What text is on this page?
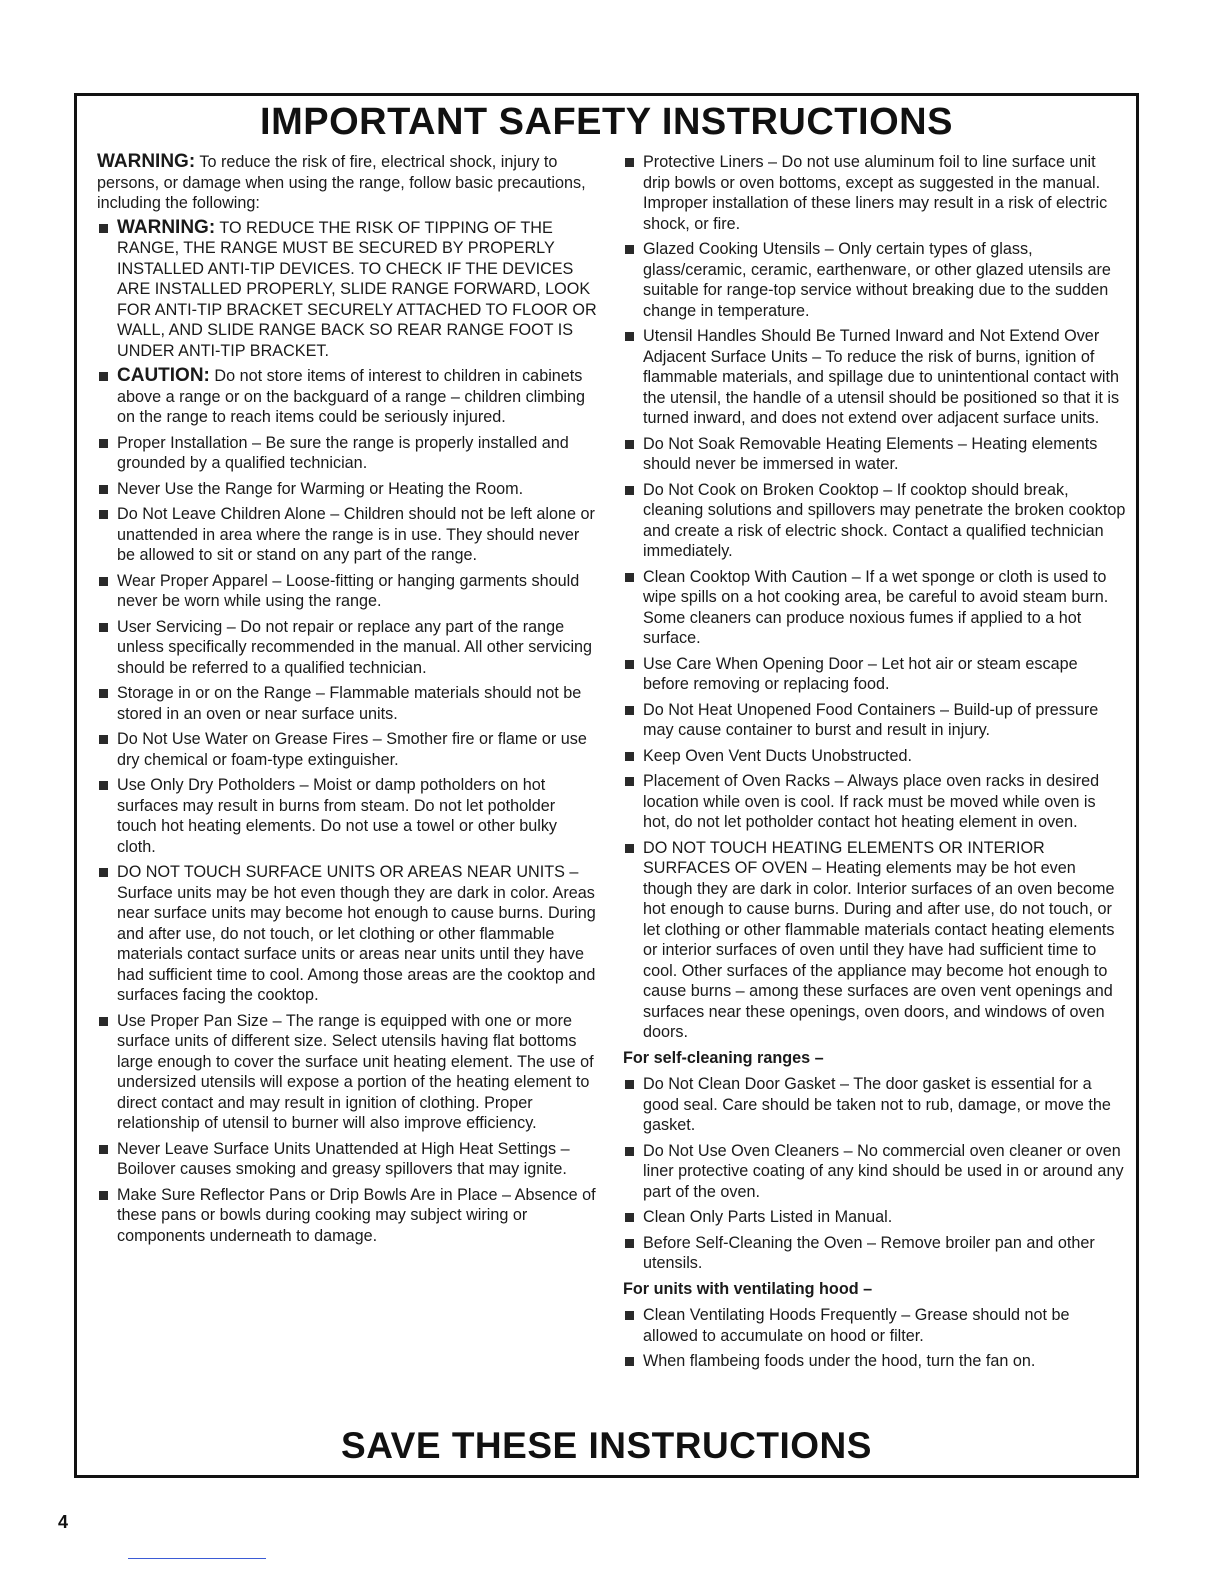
IMPORTANT SAFETY INSTRUCTIONS

WARNING: To reduce the risk of fire, electrical shock, injury to persons, or damage when using the range, follow basic precautions, including the following:

WARNING: TO REDUCE THE RISK OF TIPPING OF THE RANGE, THE RANGE MUST BE SECURED BY PROPERLY INSTALLED ANTI-TIP DEVICES. TO CHECK IF THE DEVICES ARE INSTALLED PROPERLY, SLIDE RANGE FORWARD, LOOK FOR ANTI-TIP BRACKET SECURELY ATTACHED TO FLOOR OR WALL, AND SLIDE RANGE BACK SO REAR RANGE FOOT IS UNDER ANTI-TIP BRACKET.
CAUTION: Do not store items of interest to children in cabinets above a range or on the backguard of a range – children climbing on the range to reach items could be seriously injured.
Proper Installation – Be sure the range is properly installed and grounded by a qualified technician.
Never Use the Range for Warming or Heating the Room.
Do Not Leave Children Alone – Children should not be left alone or unattended in area where the range is in use. They should never be allowed to sit or stand on any part of the range.
Wear Proper Apparel – Loose-fitting or hanging garments should never be worn while using the range.
User Servicing – Do not repair or replace any part of the range unless specifically recommended in the manual. All other servicing should be referred to a qualified technician.
Storage in or on the Range – Flammable materials should not be stored in an oven or near surface units.
Do Not Use Water on Grease Fires – Smother fire or flame or use dry chemical or foam-type extinguisher.
Use Only Dry Potholders – Moist or damp potholders on hot surfaces may result in burns from steam. Do not let potholder touch hot heating elements. Do not use a towel or other bulky cloth.
DO NOT TOUCH SURFACE UNITS OR AREAS NEAR UNITS – Surface units may be hot even though they are dark in color. Areas near surface units may become hot enough to cause burns. During and after use, do not touch, or let clothing or other flammable materials contact surface units or areas near units until they have had sufficient time to cool. Among those areas are the cooktop and surfaces facing the cooktop.
Use Proper Pan Size – The range is equipped with one or more surface units of different size. Select utensils having flat bottoms large enough to cover the surface unit heating element. The use of undersized utensils will expose a portion of the heating element to direct contact and may result in ignition of clothing. Proper relationship of utensil to burner will also improve efficiency.
Never Leave Surface Units Unattended at High Heat Settings – Boilover causes smoking and greasy spillovers that may ignite.
Make Sure Reflector Pans or Drip Bowls Are in Place – Absence of these pans or bowls during cooking may subject wiring or components underneath to damage.
Protective Liners – Do not use aluminum foil to line surface unit drip bowls or oven bottoms, except as suggested in the manual. Improper installation of these liners may result in a risk of electric shock, or fire.
Glazed Cooking Utensils – Only certain types of glass, glass/ceramic, ceramic, earthenware, or other glazed utensils are suitable for range-top service without breaking due to the sudden change in temperature.
Utensil Handles Should Be Turned Inward and Not Extend Over Adjacent Surface Units – To reduce the risk of burns, ignition of flammable materials, and spillage due to unintentional contact with the utensil, the handle of a utensil should be positioned so that it is turned inward, and does not extend over adjacent surface units.
Do Not Soak Removable Heating Elements – Heating elements should never be immersed in water.
Do Not Cook on Broken Cooktop – If cooktop should break, cleaning solutions and spillovers may penetrate the broken cooktop and create a risk of electric shock. Contact a qualified technician immediately.
Clean Cooktop With Caution – If a wet sponge or cloth is used to wipe spills on a hot cooking area, be careful to avoid steam burn. Some cleaners can produce noxious fumes if applied to a hot surface.
Use Care When Opening Door – Let hot air or steam escape before removing or replacing food.
Do Not Heat Unopened Food Containers – Build-up of pressure may cause container to burst and result in injury.
Keep Oven Vent Ducts Unobstructed.
Placement of Oven Racks – Always place oven racks in desired location while oven is cool. If rack must be moved while oven is hot, do not let potholder contact hot heating element in oven.
DO NOT TOUCH HEATING ELEMENTS OR INTERIOR SURFACES OF OVEN – Heating elements may be hot even though they are dark in color. Interior surfaces of an oven become hot enough to cause burns. During and after use, do not touch, or let clothing or other flammable materials contact heating elements or interior surfaces of oven until they have had sufficient time to cool. Other surfaces of the appliance may become hot enough to cause burns – among these surfaces are oven vent openings and surfaces near these openings, oven doors, and windows of oven doors.
For self-cleaning ranges –
Do Not Clean Door Gasket – The door gasket is essential for a good seal. Care should be taken not to rub, damage, or move the gasket.
Do Not Use Oven Cleaners – No commercial oven cleaner or oven liner protective coating of any kind should be used in or around any part of the oven.
Clean Only Parts Listed in Manual.
Before Self-Cleaning the Oven – Remove broiler pan and other utensils.
For units with ventilating hood –
Clean Ventilating Hoods Frequently – Grease should not be allowed to accumulate on hood or filter.
When flambeing foods under the hood, turn the fan on.
SAVE THESE INSTRUCTIONS
4
